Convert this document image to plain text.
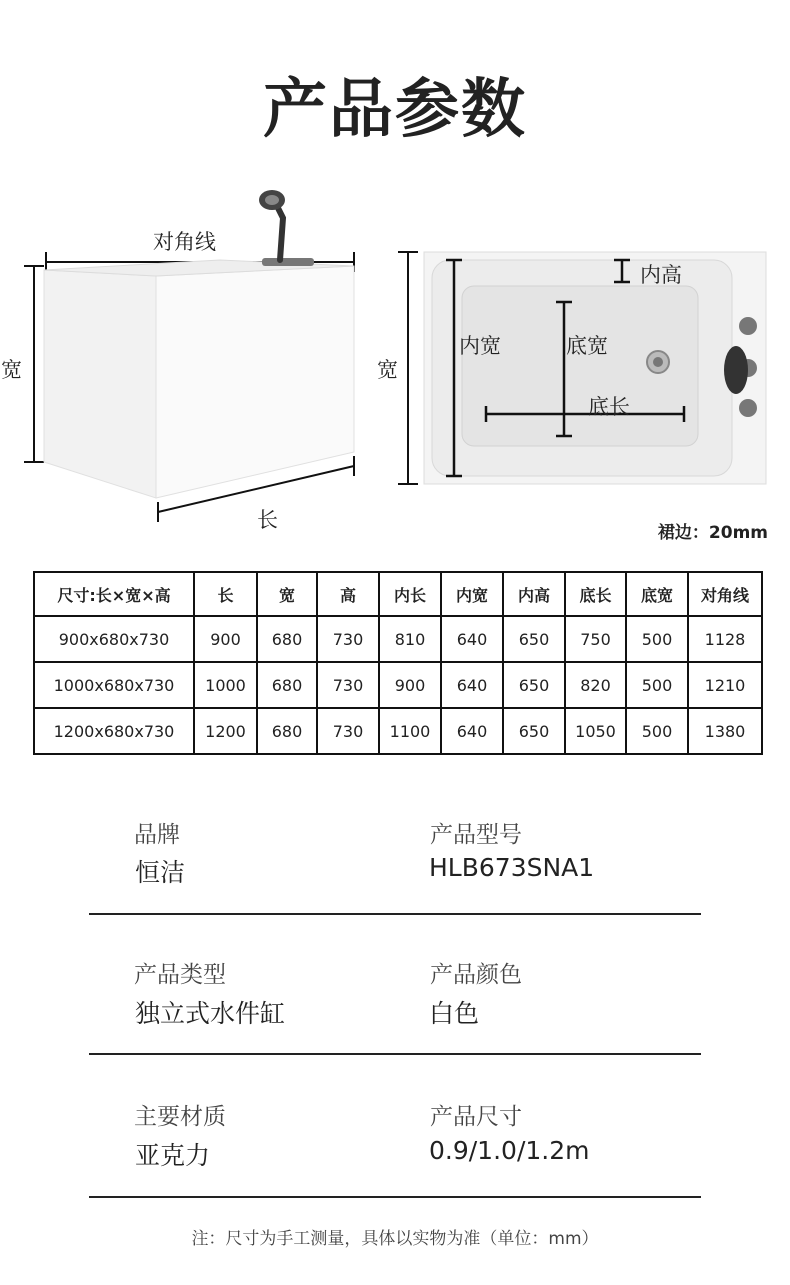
产品参数
对角线
宽
长
宽
内高
内宽	底宽
底长
裙边：20mm
尺寸:长×宽×高	长	宽	高	内长	内宽	内高	底长	底宽	对角线
900x680x730	900	680	730	810	640	650	750	500	1128
1000x680x730	1000	680	730	900	640	650	820	500	1210
1200x680x730	1200	680	730	1100	640	650	1050	500	1380
品牌
恒洁
产品型号
HLB673SNA1
产品类型
独立式水件缸
产品颜色
白色
主要材质
亚克力
产品尺寸
0.9/1.0/1.2m
注：尺寸为手工测量，具体以实物为准（单位：mm）
